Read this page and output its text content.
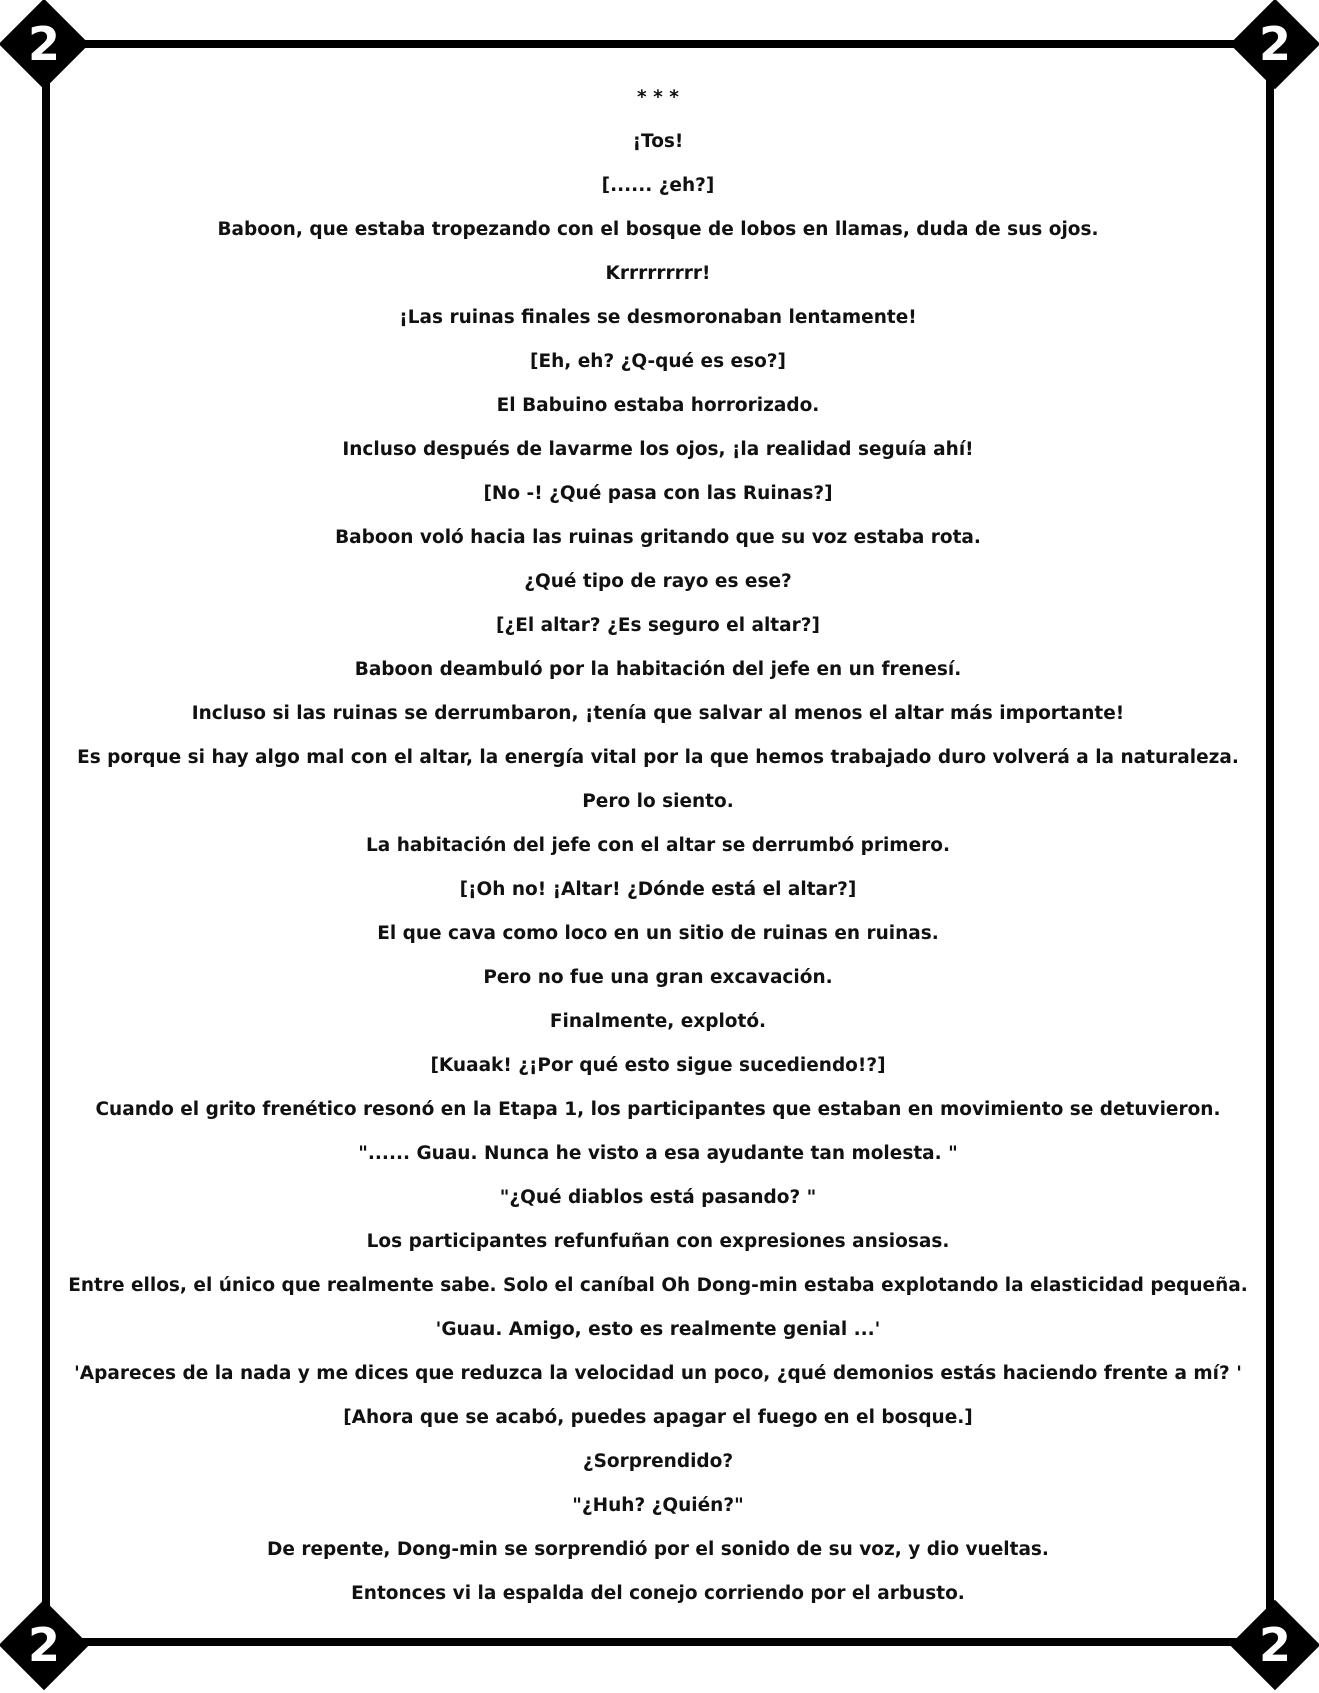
2	2
2	2
* * *
¡Tos!
[...... ¿eh?]
Baboon, que estaba tropezando con el bosque de lobos en llamas, duda de sus ojos.
Krrrrrrrrr!
¡Las ruinas finales se desmoronaban lentamente!
[Eh, eh? ¿Q-qué es eso?]
El Babuino estaba horrorizado.
Incluso después de lavarme los ojos, ¡la realidad seguía ahí!
[No -! ¿Qué pasa con las Ruinas?]
Baboon voló hacia las ruinas gritando que su voz estaba rota.
¿Qué tipo de rayo es ese?
[¿El altar? ¿Es seguro el altar?]
Baboon deambuló por la habitación del jefe en un frenesí.
Incluso si las ruinas se derrumbaron, ¡tenía que salvar al menos el altar más importante!
Es porque si hay algo mal con el altar, la energía vital por la que hemos trabajado duro volverá a la naturaleza.
Pero lo siento.
La habitación del jefe con el altar se derrumbó primero.
[¡Oh no! ¡Altar! ¿Dónde está el altar?]
El que cava como loco en un sitio de ruinas en ruinas.
Pero no fue una gran excavación.
Finalmente, explotó.
[Kuaak! ¿¡Por qué esto sigue sucediendo!?]
Cuando el grito frenético resonó en la Etapa 1, los participantes que estaban en movimiento se detuvieron.
"...... Guau. Nunca he visto a esa ayudante tan molesta. "
"¿Qué diablos está pasando? "
Los participantes refunfuñan con expresiones ansiosas.
Entre ellos, el único que realmente sabe. Solo el caníbal Oh Dong-min estaba explotando la elasticidad pequeña.
'Guau. Amigo, esto es realmente genial ...'
'Apareces de la nada y me dices que reduzca la velocidad un poco, ¿qué demonios estás haciendo frente a mí? '
[Ahora que se acabó, puedes apagar el fuego en el bosque.]
¿Sorprendido?
"¿Huh? ¿Quién?"
De repente, Dong-min se sorprendió por el sonido de su voz, y dio vueltas.
Entonces vi la espalda del conejo corriendo por el arbusto.
